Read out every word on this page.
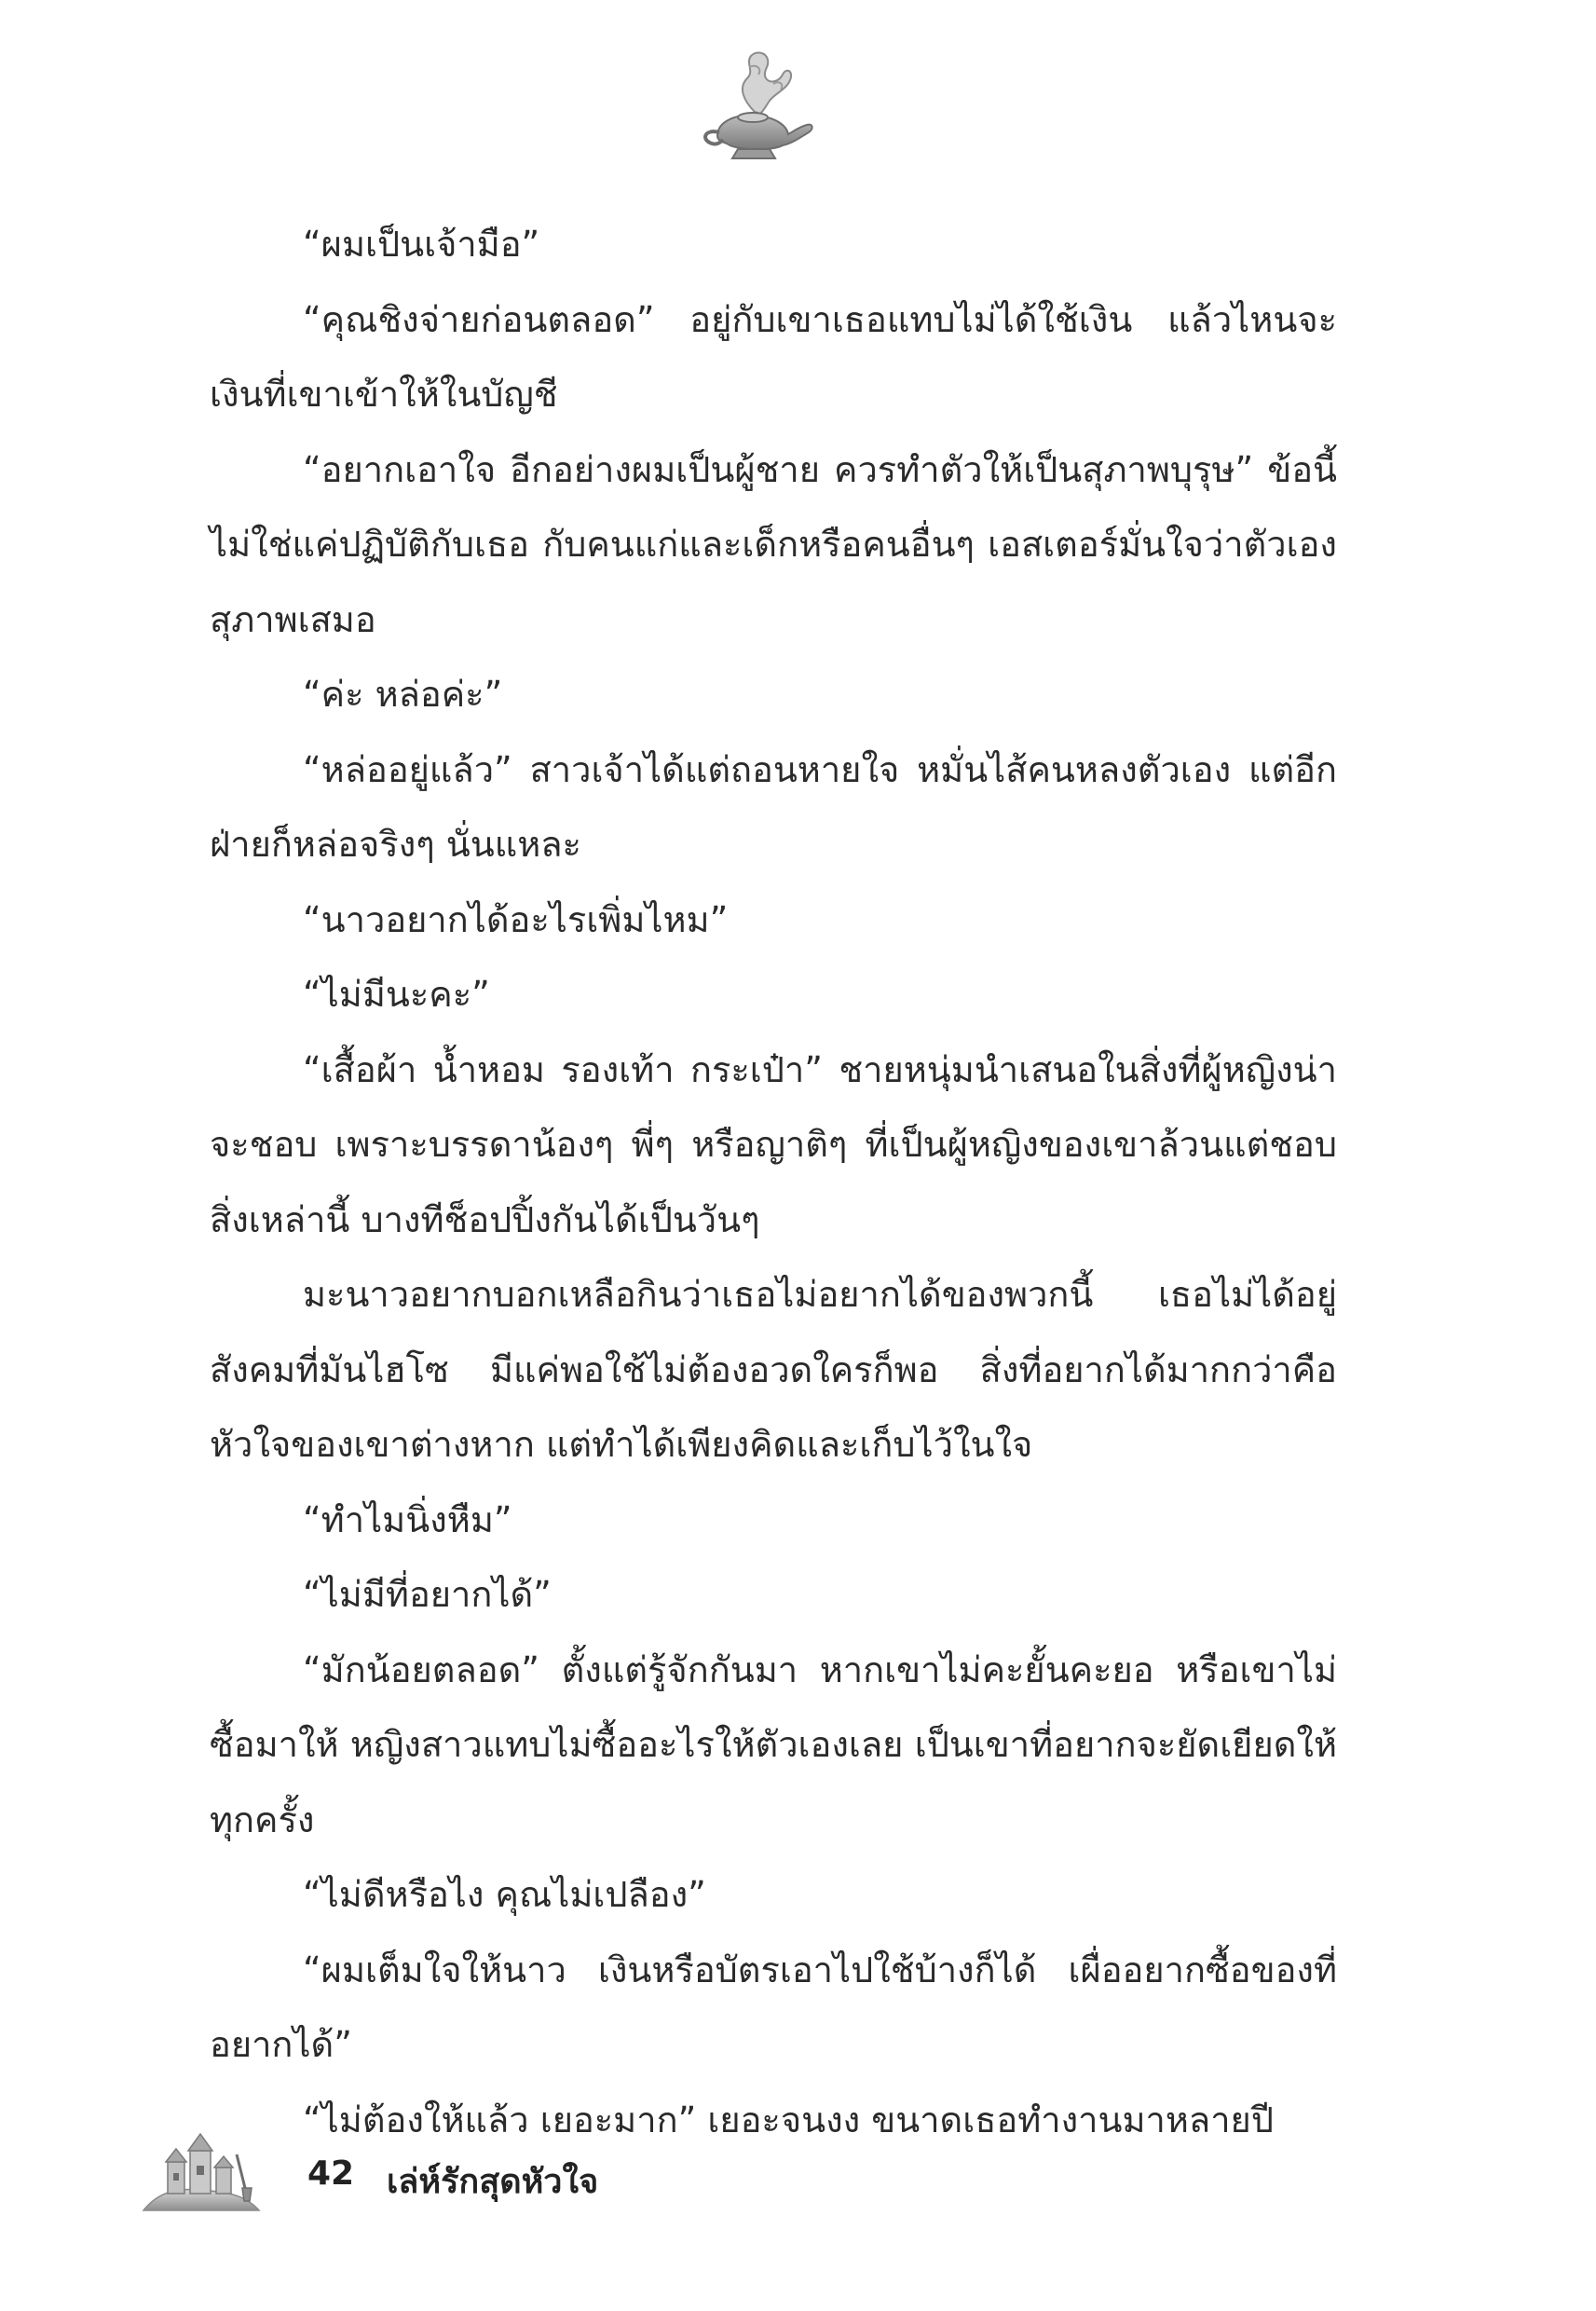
“ผมเป็นเจ้ามือ”

“คุณชิงจ่ายก่อนตลอด” อยู่กับเขาเธอแทบไม่ได้ใช้เงิน แล้วไหนจะเงินที่เขาเข้าให้ในบัญชี

“อยากเอาใจ อีกอย่างผมเป็นผู้ชาย ควรทำตัวให้เป็นสุภาพบุรุษ” ข้อนี้ไม่ใช่แค่ปฏิบัติกับเธอ กับคนแก่และเด็กหรือคนอื่นๆ เอสเตอร์มั่นใจว่าตัวเองสุภาพเสมอ

“ค่ะ หล่อค่ะ”

“หล่ออยู่แล้ว” สาวเจ้าได้แต่ถอนหายใจ หมั่นไส้คนหลงตัวเอง แต่อีกฝ่ายก็หล่อจริงๆ นั่นแหละ

“นาวอยากได้อะไรเพิ่มไหม”

“ไม่มีนะคะ”

“เสื้อผ้า น้ำหอม รองเท้า กระเป๋า” ชายหนุ่มนำเสนอในสิ่งที่ผู้หญิงน่าจะชอบ เพราะบรรดาน้องๆ พี่ๆ หรือญาติๆ ที่เป็นผู้หญิงของเขาล้วนแต่ชอบสิ่งเหล่านี้ บางทีช็อปปิ้งกันได้เป็นวันๆ

มะนาวอยากบอกเหลือกินว่าเธอไม่อยากได้ของพวกนี้ เธอไม่ได้อยู่สังคมที่มันไฮโซ มีแค่พอใช้ไม่ต้องอวดใครก็พอ สิ่งที่อยากได้มากกว่าคือหัวใจของเขาต่างหาก แต่ทำได้เพียงคิดและเก็บไว้ในใจ

“ทำไมนิ่งหืม”

“ไม่มีที่อยากได้”

“มักน้อยตลอด” ตั้งแต่รู้จักกันมา หากเขาไม่คะยั้นคะยอ หรือเขาไม่ซื้อมาให้ หญิงสาวแทบไม่ซื้ออะไรให้ตัวเองเลย เป็นเขาที่อยากจะยัดเยียดให้ทุกครั้ง

“ไม่ดีหรือไง คุณไม่เปลือง”

“ผมเต็มใจให้นาว เงินหรือบัตรเอาไปใช้บ้างก็ได้ เผื่ออยากซื้อของที่อยากได้”

“ไม่ต้องให้แล้ว เยอะมาก” เยอะจนงง ขนาดเธอทำงานมาหลายปี

42 เล่ห์รักสุดหัวใจ
